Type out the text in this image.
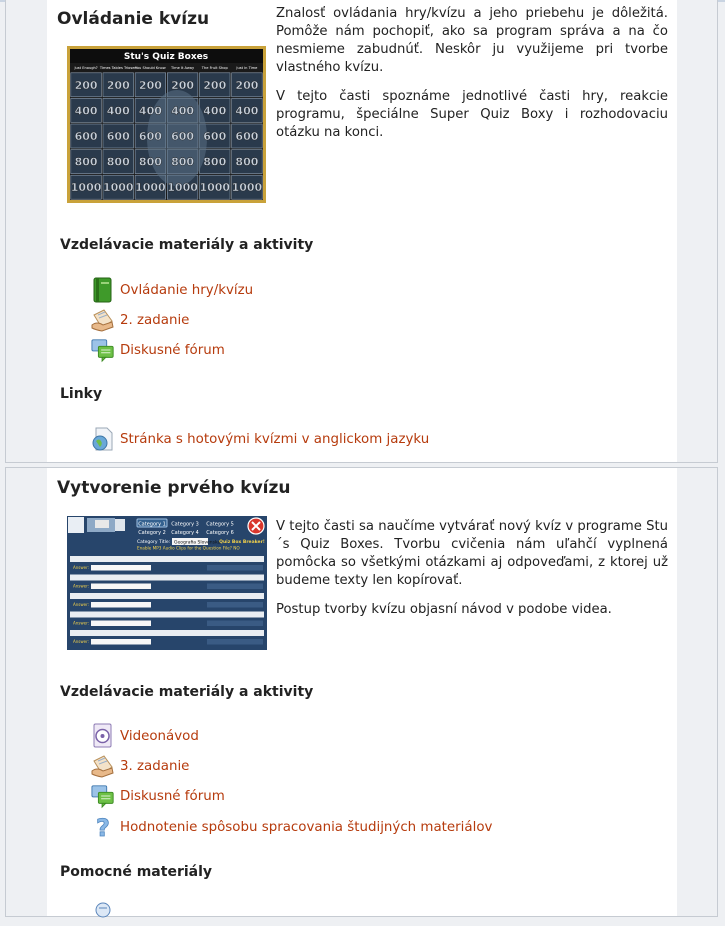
Ovládanie kvízu
Stu's Quiz Boxes
Just Enough? Times Tables Triosee
You Should Know Time It Away The Fruit Shop Just in Time
200 200 200 200 200 200
400 400 400 400 400 400
600 600 600 600 600 600
800 800 800 800 800 800
1000 1000 1000 1000 1000 1000

Znalosť ovládania hry/kvízu a jeho priebehu je dôležitá. Pomôže nám pochopiť, ako sa program správa a na čo nesmieme zabudnúť. Neskôr ju využijeme pri tvorbe vlastného kvízu.

V tejto časti spoznáme jednotlivé časti hry, reakcie programu, špeciálne Super Quiz Boxy i rozhodovaciu otázku na konci.

Vzdelávacie materiály a aktivity
Ovládanie hry/kvízu
2. zadanie
Diskusné fórum
Linky
Stránka s hotovými kvízmi v anglickom jazyku
Vytvorenie prvého kvízu
Category 1 Category 3 Category 5
Category 2 Category 4 Category 6
Category Title: Geografia Slovenska
Quiz Box Breaker!
Enable MP3 Audio Clips for the Question File? NO
Answer:
Answer:
Answer:
Answer:
Answer:

V tejto časti sa naučíme vytvárať nový kvíz v programe Stu´s Quiz Boxes. Tvorbu cvičenia nám uľahčí vyplnená pomôcka so všetkými otázkami aj odpoveďami, z ktorej už budeme texty len kopírovať.

Postup tvorby kvízu objasní návod v podobe videa.

Vzdelávacie materiály a aktivity
Videonávod
3. zadanie
Diskusné fórum
? Hodnotenie spôsobu spracovania študijných materiálov
Pomocné materiály
